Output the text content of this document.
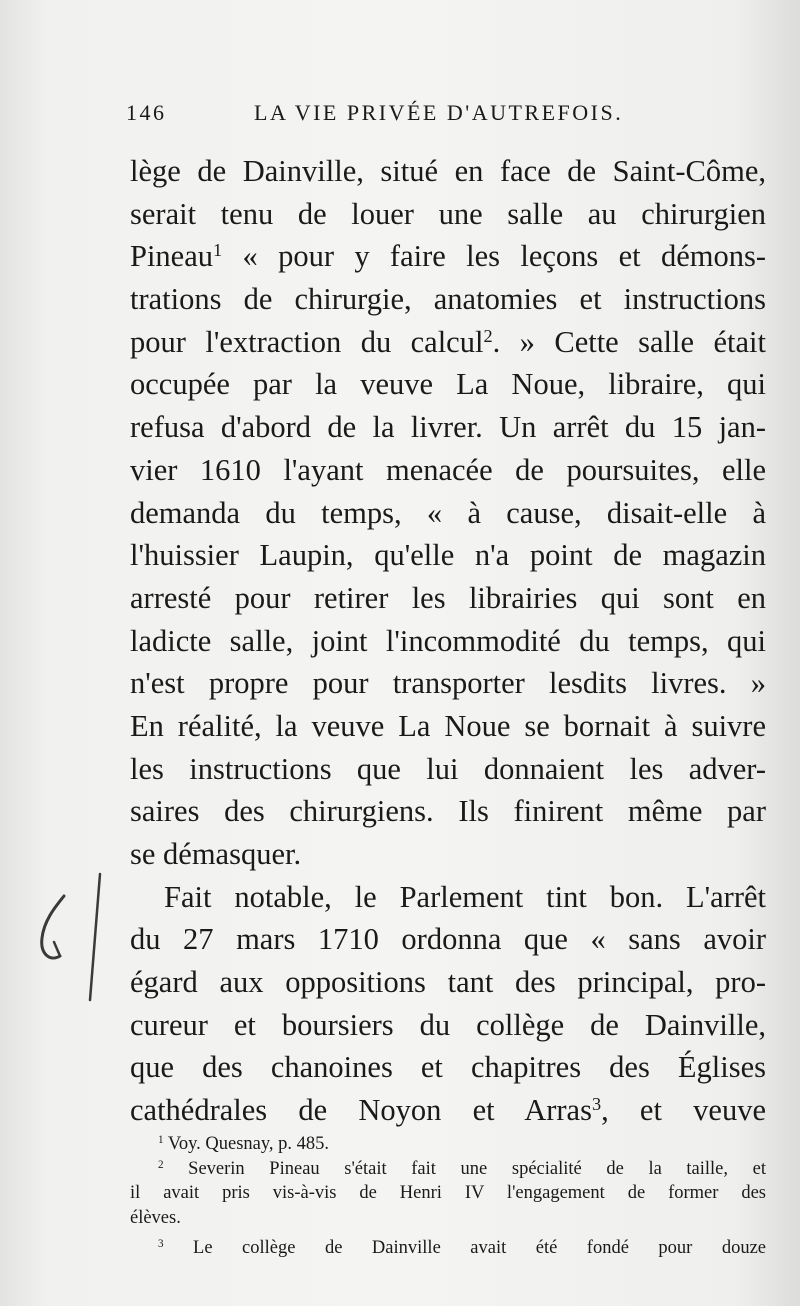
146	LA VIE PRIVÉE D'AUTREFOIS.
lège de Dainville, situé en face de Saint-Côme,
serait tenu de louer une salle au chirurgien
Pineau$^1$ « pour y faire les leçons et démons-
trations de chirurgie, anatomies et instructions
pour l'extraction du calcul$^2$. » Cette salle était
occupée par la veuve La Noue, libraire, qui
refusa d'abord de la livrer. Un arrêt du 15 jan-
vier 1610 l'ayant menacée de poursuites, elle
demanda du temps, « à cause, disait-elle à
l'huissier Laupin, qu'elle n'a point de magazin
arresté pour retirer les librairies qui sont en
ladicte salle, joint l'incommodité du temps, qui
n'est propre pour transporter lesdits livres. »
En réalité, la veuve La Noue se bornait à suivre
les instructions que lui donnaient les adver-
saires des chirurgiens. Ils finirent même par
se démasquer.
Fait notable, le Parlement tint bon. L'arrêt
du 27 mars 1710 ordonna que « sans avoir
égard aux oppositions tant des principal, pro-
cureur et boursiers du collège de Dainville,
que des chanoines et chapitres des Églises
cathédrales de Noyon et Arras$^3$, et veuve
$^1$ Voy. Quesnay, p. 485.
$^2$ Severin Pineau s'était fait une spécialité de la taille, et
il avait pris vis-à-vis de Henri IV l'engagement de former des
élèves.
$^3$ Le collège de Dainville avait été fondé pour douze
